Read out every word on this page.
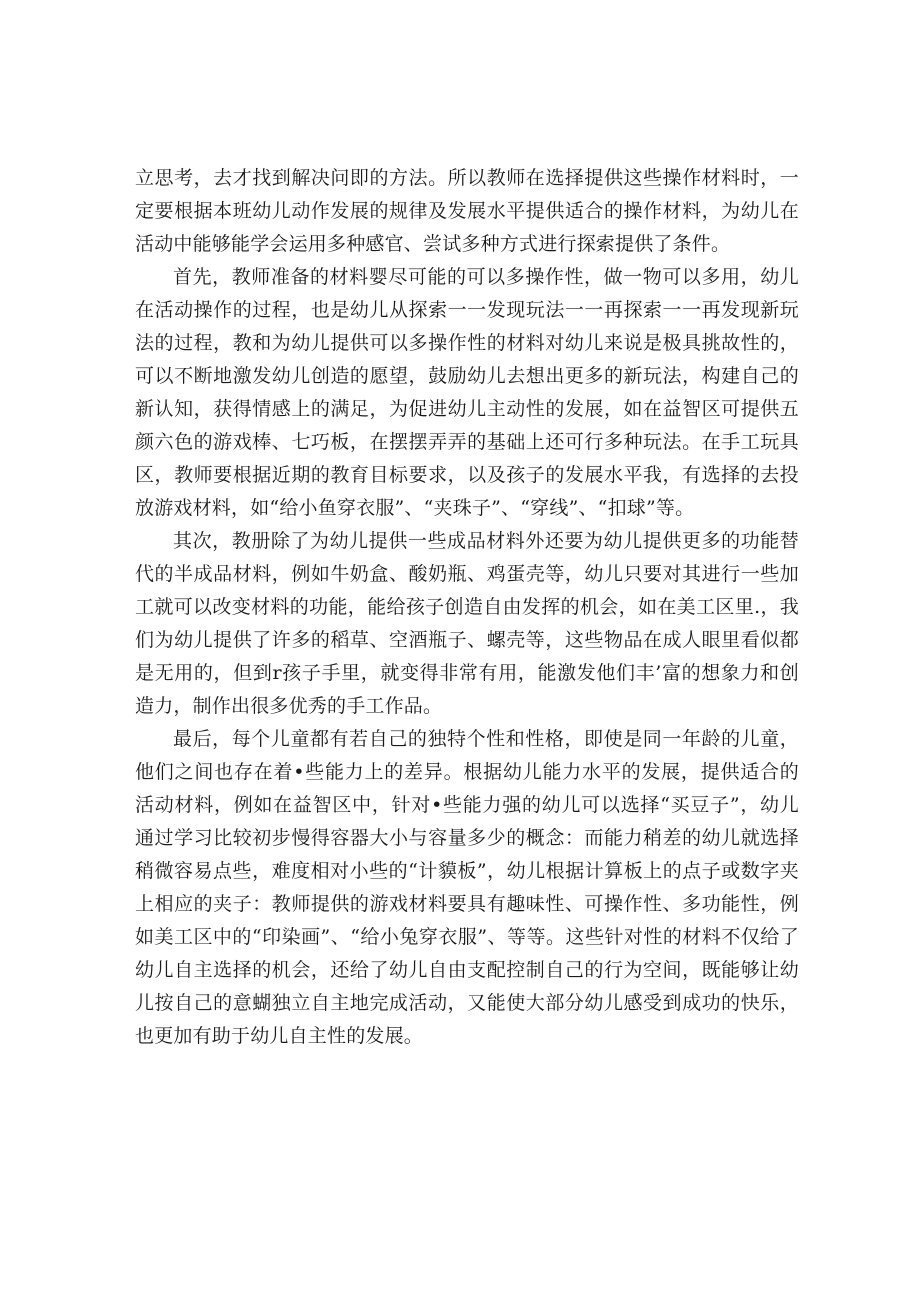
立思考，去才找到解决问即的方法。所以教师在选择提供这些操作材料时，一定要根据本班幼儿动作发展的规律及发展水平提供适合的操作材料，为幼儿在活动中能够能学会运用多种感官、尝试多种方式进行探索提供了条件。

首先，教师准备的材料婴尽可能的可以多操作性，做一物可以多用，幼儿在活动操作的过程，也是幼儿从探索一一发现玩法一一再探索一一再发现新玩法的过程，教和为幼儿提供可以多操作性的材料对幼儿来说是极具挑故性的，可以不断地激发幼儿创造的愿望，鼓励幼儿去想出更多的新玩法，构建自己的新认知，获得情感上的满足，为促进幼儿主动性的发展，如在益智区可提供五颜六色的游戏棒、七巧板，在摆摆弄弄的基础上还可行多种玩法。在手工玩具区，教师要根据近期的教育目标要求，以及孩子的发展水平我，有选择的去投放游戏材料，如“给小鱼穿衣服”、“夹珠子”、“穿线”、“扣球”等。

其次，教册除了为幼儿提供一些成品材料外还要为幼儿提供更多的功能替代的半成品材料，例如牛奶盒、酸奶瓶、鸡蛋壳等，幼儿只要对其进行一些加工就可以改变材料的功能，能给孩子创造自由发挥的机会，如在美工区里.，我们为幼儿提供了许多的稻草、空酒瓶子、螺壳等，这些物品在成人眼里看似都是无用的，但到r孩子手里，就变得非常有用，能激发他们丰’富的想象力和创造力，制作出很多优秀的手工作品。

最后，每个儿童都有若自己的独特个性和性格，即使是同一年龄的儿童，他们之间也存在着•些能力上的差异。根据幼儿能力水平的发展，提供适合的活动材料，例如在益智区中，针对•些能力强的幼儿可以选择“买豆子”，幼儿通过学习比较初步慢得容器大小与容量多少的概念：而能力稍差的幼儿就选择稍微容易点些，难度相对小些的“计貘板”，幼儿根据计算板上的点子或数字夹上相应的夹子：教师提供的游戏材料要具有趣味性、可操作性、多功能性，例如美工区中的“印染画”、“给小兔穿衣服”、等等。这些针对性的材料不仅给了幼儿自主选择的机会，还给了幼儿自由支配控制自己的行为空间，既能够让幼儿按自己的意蝴独立自主地完成活动，又能使大部分幼儿感受到成功的快乐，也更加有助于幼儿自主性的发展。
